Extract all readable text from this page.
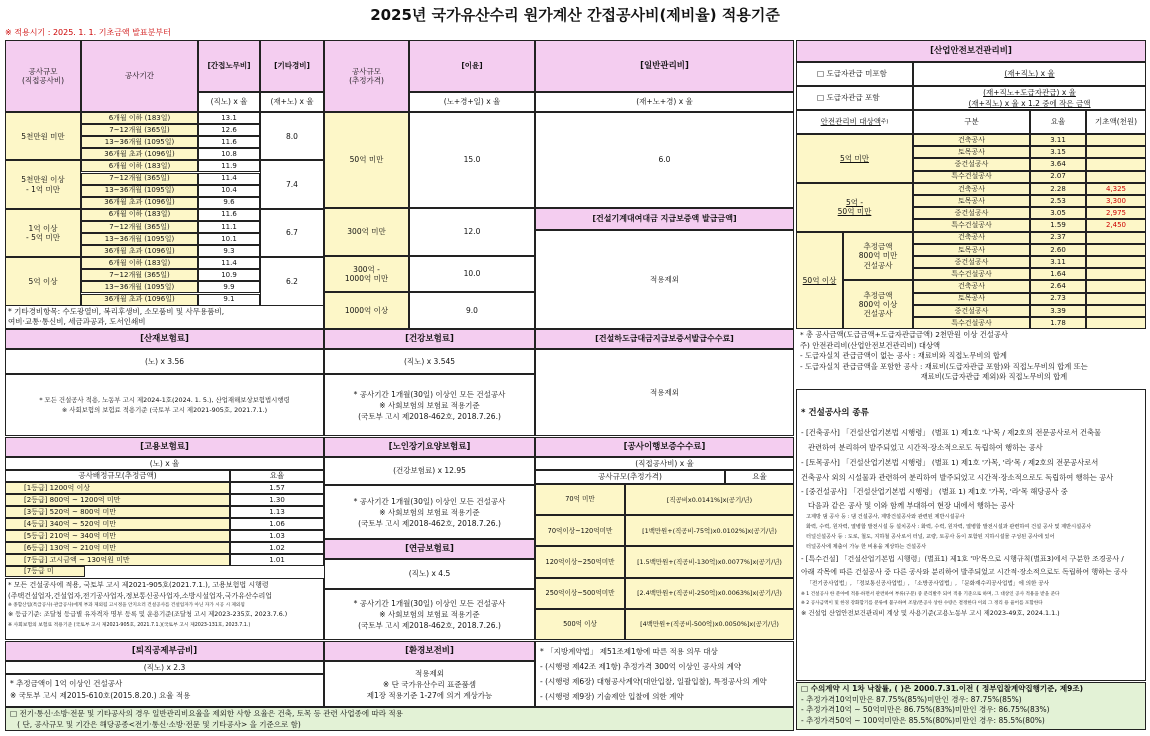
2025년 국가유산수리 원가계산 간접공사비(제비율) 적용기준
※ 적용시기 : 2025. 1. 1. 기초금액 발표분부터
공사규모
(직접공사비)
공사기간
[간접노무비]
(직노) x 율
[기타경비]
(재+노) x 율
5천만원 미만
6개월 이하 (183일)	13.1
7~12개월 (365일)	12.6
13~36개월 (1095일)	11.6
36개월 초과 (1096일)	10.8
8.0
5천만원 이상
- 1억 미만
6개월 이하 (183일)	11.9
7~12개월 (365일)	11.4
13~36개월 (1095일)	10.4
36개월 초과 (1096일)	9.6
7.4
1억 이상
- 5억 미만
6개월 이하 (183일)	11.6
7~12개월 (365일)	11.1
13~36개월 (1095일)	10.1
36개월 초과 (1096일)	9.3
6.7
5억 이상
6개월 이하 (183일)	11.4
7~12개월 (365일)	10.9
13~36개월 (1095일)	9.9
36개월 초과 (1096일)	9.1
6.2
* 기타경비항목: 수도광열비, 복리후생비, 소모품비 및 사무용품비,
여비·교통·통신비, 세금과공과, 도서인쇄비
공사규모
(추정가격)
[이윤]
(노+경+일) x 율
50억 미만	15.0
300억 미만	12.0
300억 -
1000억 미만
10.0
1000억 이상	9.0
[일반관리비]
(재+노+경) x 율
6.0
[건설기계대여대금 지급보증액 발급금액]
적용제외
[산업안전보건관리비]
□ 도급자관급 미포함	(재+직노) x 율
□ 도급자관급 포함
(재+직노+도급자관급) x 율
(재+직노) x 율 x 1.2 중에 작은 금액
안전관리비 대상액 주)	구분	요율	기초액(천원)
5억 미만
건축공사	3.11
토목공사	3.15
중건설공사	3.64
특수건설공사	2.07
5억 -
50억 미만
건축공사	2.28	4,325
토목공사	2.53	3,300
중건설공사	3.05	2,975
특수건설공사	1.59	2,450
50억 이상
추정금액
800억 미만
건설공사
건축공사	2.37
토목공사	2.60
중건설공사	3.11
특수건설공사	1.64
추정금액
800억 이상
건설공사
건축공사	2.64
토목공사	2.73
중건설공사	3.39
특수건설공사	1.78
[산재보험료]
(노) x 3.56
* 모든 건설공사 적용, 노동부 고시 제2024-1호(2024. 1. 5.), 산업재해보상보험법시행령
※ 사회보험의 보험료 적용기준 (국토부 고시 제2021-905호, 2021.7.1.)
[건강보험료]
(직노) x 3.545
* 공사기간 1개월(30일) 이상인 모든 건설공사
※ 사회보험의 보험료 적용기준
(국토부 고시 제2018-462호, 2018.7.26.)
[건설하도급대금지급보증서발급수수료]
적용제외
* 총 공사금액(도급금액+도급자관급금액) 2천만원 이상 건설공사
주) 안전관리비(산업안전보건관리비) 대상액
- 도급자실치 관급금액이 없는 공사 : 재료비와 직접노무비의 합계
- 도급자실치 관급금액을 포함한 공사 : 재료비(도급자관급 포함)와 직접노무비의 합계 또는
재료비(도급자관급 제외)와 직접노무비의 합계
[고용보험료]
(노) x 율
공사배정규모(추정금액)	요율
[1등급] 1200억 이상	1.57
[2등급] 800억 ~ 1200억 미만	1.30
[3등급] 520억 ~ 800억 미만	1.13
[4등급] 340억 ~ 520억 미만	1.06
[5등급] 210억 ~ 340억 미만	1.03
[6등급] 130억 ~ 210억 미만	1.02
[7등급] 고시금액 ~ 130억원 미만	1.01
[7등급 미
* 모든 건설공사에 적용, 국토부 고시 제2021-905호(2021.7.1.), 고용보험법 시행령
(주택건설업자,건설업자,전기공사업자,정보통신공사업자,소방시설업자,국가유산수리업
※ 종합산업(특급공사)·관급공사(에게 부과 제외됨 고시정을 안지으러 건설공사를 건설업자가 아닌 자가 시공 시 제외됨
※ 등급기준: 조달청 등급별 유자격자 명부 등록 및 운용기준(조달청 고시 제2023-235호, 2023.7.6.)
※ 사회보험의 보험료 적용기준 (국토부 고시 제2021-905호, 2021.7.1.)(국토부 고시 제2023-131호, 2023.7.1.)
[노인장기요양보험료]
(건강보험료) x 12.95
* 공사기간 1개월(30일) 이상인 모든 건설공사
※ 사회보험의 보험료 적용기준
(국토부 고시 제2018-462호, 2018.7.26.)
[연금보험료]
(직노) x 4.5
* 공사기간 1개월(30일) 이상인 모든 건설공사
※ 사회보험의 보험료 적용기준
(국토부 고시 제2018-462호, 2018.7.26.)
[공사이행보증수수료]
(직접공사비) x 율
공사규모(추정가격)	요율
70억 미만	[직공비x0.0141%]x(공기/년)
70억이상~120억미만	[1백만원+(직공비-75억)x0.0102%]x(공기/년)
120억이상~250억미만	[1.5백만원+(직공비-130억)x0.0077%]x(공기/년)
250억이상~500억미만	[2.4백만원+(직공비-250억)x0.0063%]x(공기/년)
500억 이상	[4백만원+(직공비-500억)x0.0050%]x(공기/년)
* 건설공사의 종류
- [건축공사] 「건설산업기본법 시행령」 (별표 1) 제1호 '나'목 / 제2호의 전문공사로서 건축물
관련하여 분리하여 발주되었고 시간적·장소적으로도 독립하여 행하는 공사
- [토목공사] 「건설산업기본법 시행령」 (별표 1) 제1호 '가목, '라'목 / 제2호의 전문공사로서
건축공사 외의 시설물과 관련하여 분리하여 발주되었고 시간적·장소적으로도 독립하여 행하는 공사
- [중건설공사] 「건설산업기본법 시행령」 (별표 1) 제1호 '가목, '라'목 해당공사 중
다음과 같은 공사 및 이와 함께 부대하여 현장 내에서 행하는 공사
고제방 댐 공사 등 : 댐 건설공사, 제방건설공사와 관련된 제반시설공사
화력, 수력, 원자력, 열병합 발전시설 등 설치공사 : 화력, 수력, 원자력, 열병합 발전시설과 관련하여 건설 공사 및 제반시설공사
터널신설공사 등 : 도로, 철도, 지하철 공사로서 터널, 교량, 토공사 등이 포함된 지하시설물 구성된 공사에 있어
터널공사에 제출이 가능 한 비용을 계상하는 건설공사
- [특수건설] 「건설산업기본법 시행령」(별표1) 제1호 '마'목으로 시행규칙(별표3)에서 구분한 조경공사 /
아래 각목에 따른 건설공사 중 다른 공사와 분리하여 발주되었고 시간적·장소적으로도 독립하여 행하는 공사
「전기공사업법」, 「정보통신공사업법」, 「소방공사업법」, 「문화재수리공사업법」에 의한 공사
※ 1 건설공사 한 분야에 적용·하면서 관련하여 부류(구분) 중 분리발주 되어 적용 기준으로 하며, 그 대상인 공사 적용을 받을 준다
※ 2 공사금액이 및 한경 강화합기를 분류에 불구하여 조달/본공사 상한 수량은 결정한다 이외 그 정리 용 율어를 포함한다
※ 건설업 산업안전보건관리비 계상 및 사용기준(고용노동부 고시 제2023-49호, 2024.1.1.)
[퇴직공제부금비]
(직노) x 2.3
* 추정금액이 1억 이상인 건설공사
※ 국토부 고시 제2015-610호(2015.8.20.) 요율 적용
[환경보전비]
적용제외
※ 단 국가유산수리 표준품셈
제1장 적용기준 1-27에 의거 계상가능
* 「지방계약법」 제51조제1항에 따른 적용 의무 대상
- (시행령 제42조 제1항) 추정가격 300억 이상인 공사의 계약
- (시행령 제6장) 대형공사계약(대안입찰, 일괄입찰), 특정공사의 계약
- (시행령 제9장) 기술제안 입찰에 의한 계약
□ 수의계약 시 1차 낙찰률, ( )은 2000.7.31.이전 ( 정부입찰계약집행기준, 제9조)
- 추정가격10억미만은 87.75%(85%)미만인 경우: 87.75%(85%)
- 추정가격10억 ~ 50억미만은 86.75%(83%)미만인 경우: 86.75%(83%)
- 추정가격50억 ~ 100억미만은 85.5%(80%)미만인 경우: 85.5%(80%)
□ 전기·통신·소방·전문 및 기타공사의 경우 일반관리비요율을 제외한 사항 요율은 건축, 토목 등 관련 사업종에 따라 적용
( 단, 공사규모 및 기간은 해당공종<전기·통신·소방·전문 및 기타공사> 을 기준으로 함)
